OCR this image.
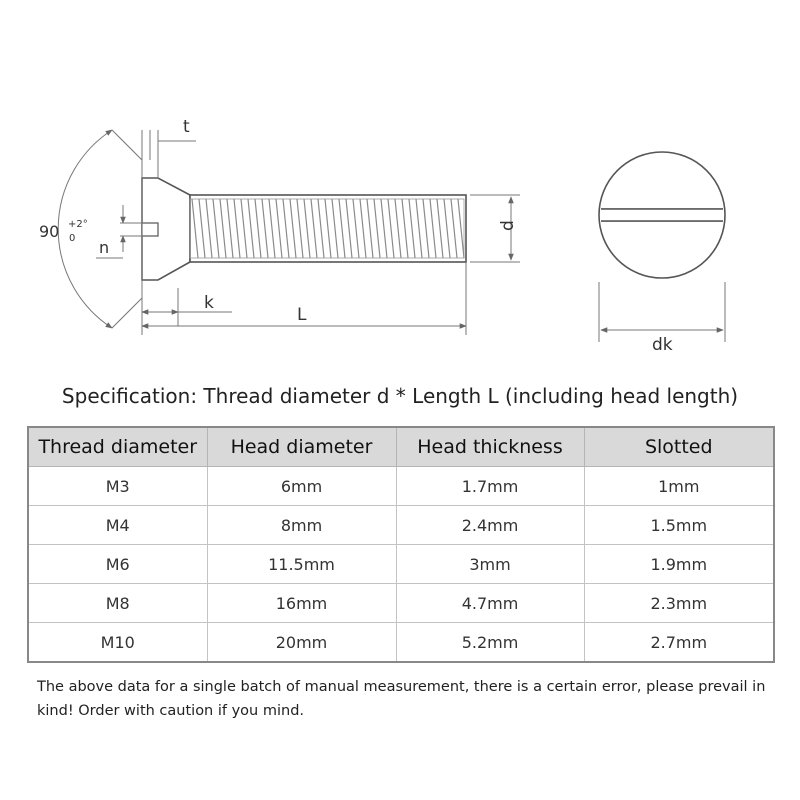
t
90 +2°
0 n
d
k
L
dk
Specification: Thread diameter d * Length L (including head length)
Thread diameter	Head diameter	Head thickness	Slotted
M3	6mm	1.7mm	1mm
M4	8mm	2.4mm	1.5mm
M6	11.5mm	3mm	1.9mm
M8	16mm	4.7mm	2.3mm
M10	20mm	5.2mm	2.7mm
The above data for a single batch of manual measurement, there is a certain error, please prevail in kind! Order with caution if you mind.
